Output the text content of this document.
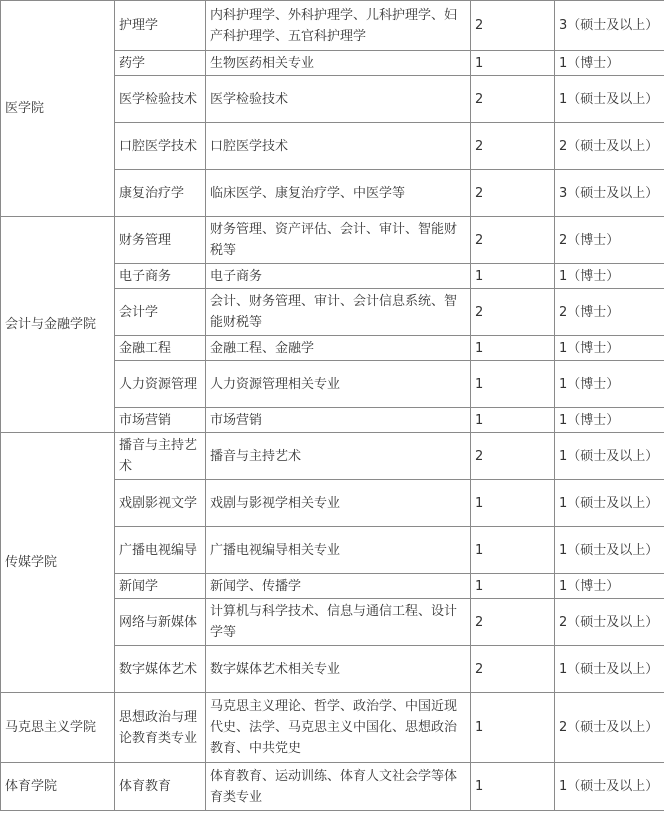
医学院	护理学	内科护理学、外科护理学、儿科护理学、妇产科护理学、五官科护理学	2	3（硕士及以上）
	药学	生物医药相关专业	1	1（博士）
	医学检验技术	医学检验技术	2	1（硕士及以上）
	口腔医学技术	口腔医学技术	2	2（硕士及以上）
	康复治疗学	临床医学、康复治疗学、中医学等	2	3（硕士及以上）
会计与金融学院	财务管理	财务管理、资产评估、会计、审计、智能财税等	2	2（博士）
	电子商务	电子商务	1	1（博士）
	会计学	会计、财务管理、审计、会计信息系统、智能财税等	2	2（博士）
	金融工程	金融工程、金融学	1	1（博士）
	人力资源管理	人力资源管理相关专业	1	1（博士）
	市场营销	市场营销	1	1（博士）
传媒学院	播音与主持艺术	播音与主持艺术	2	1（硕士及以上）
	戏剧影视文学	戏剧与影视学相关专业	1	1（硕士及以上）
	广播电视编导	广播电视编导相关专业	1	1（硕士及以上）
	新闻学	新闻学、传播学	1	1（博士）
	网络与新媒体	计算机与科学技术、信息与通信工程、设计学等	2	2（硕士及以上）
	数字媒体艺术	数字媒体艺术相关专业	2	1（硕士及以上）
马克思主义学院	思想政治与理论教育类专业	马克思主义理论、哲学、政治学、中国近现代史、法学、马克思主义中国化、思想政治教育、中共党史	1	2（硕士及以上）
体育学院	体育教育	体育教育、运动训练、体育人文社会学等体育类专业	1	1（硕士及以上）
